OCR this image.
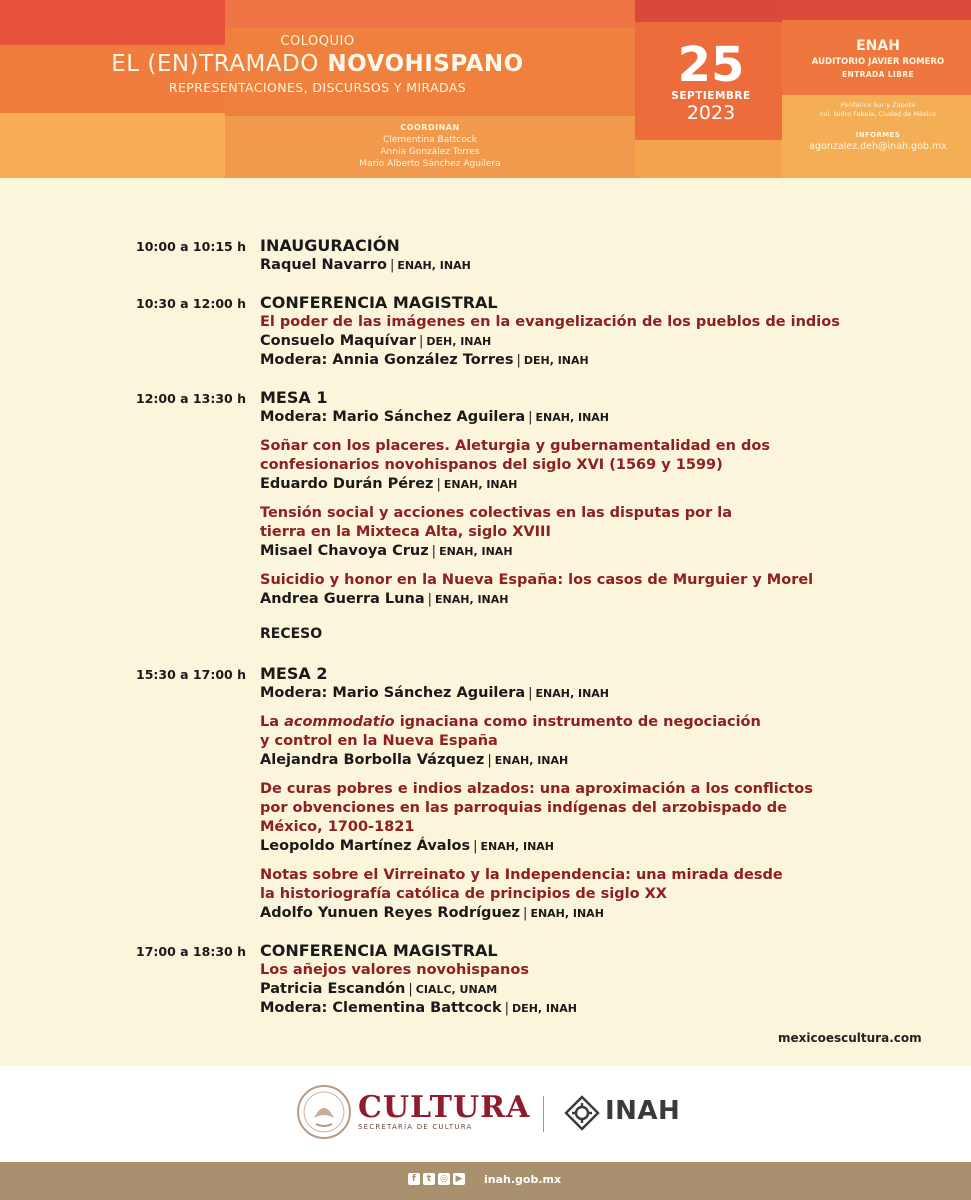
COLOQUIO
EL (EN)TRAMADO NOVOHISPANO
REPRESENTACIONES, DISCURSOS Y MIRADAS
COORDINAN
Clementina Battcock
Annia González Torres
Mario Alberto Sánchez Aguilera
25
SEPTIEMBRE
2023
ENAH
AUDITORIO JAVIER ROMERO
ENTRADA LIBRE
Periférico Sur y Zapote
col. Isidro Fabela, Ciudad de México
INFORMES
agonzalez.deh@inah.gob.mx
10:00 a 10:15 h INAUGURACIÓN
Raquel Navarro | ENAH, INAH
10:30 a 12:00 h CONFERENCIA MAGISTRAL
El poder de las imágenes en la evangelización de los pueblos de indios
Consuelo Maquívar | DEH, INAH
Modera: Annia González Torres | DEH, INAH
12:00 a 13:30 h MESA 1
Modera: Mario Sánchez Aguilera | ENAH, INAH
Soñar con los placeres. Aleturgia y gubernamentalidad en dos
confesionarios novohispanos del siglo XVI (1569 y 1599)
Eduardo Durán Pérez | ENAH, INAH
Tensión social y acciones colectivas en las disputas por la
tierra en la Mixteca Alta, siglo XVIII
Misael Chavoya Cruz | ENAH, INAH
Suicidio y honor en la Nueva España: los casos de Murguier y Morel
Andrea Guerra Luna | ENAH, INAH
RECESO
15:30 a 17:00 h MESA 2
Modera: Mario Sánchez Aguilera | ENAH, INAH
La acommodatio ignaciana como instrumento de negociación
y control en la Nueva España
Alejandra Borbolla Vázquez | ENAH, INAH
De curas pobres e indios alzados: una aproximación a los conflictos
por obvenciones en las parroquias indígenas del arzobispado de
México, 1700-1821
Leopoldo Martínez Ávalos | ENAH, INAH
Notas sobre el Virreinato y la Independencia: una mirada desde
la historiografía católica de principios de siglo XX
Adolfo Yunuen Reyes Rodríguez | ENAH, INAH
17:00 a 18:30 h CONFERENCIA MAGISTRAL
Los añejos valores novohispanos
Patricia Escandón | CIALC, UNAM
Modera: Clementina Battcock | DEH, INAH
mexicoescultura.com
CULTURA
SECRETARÍA DE CULTURA
INAH
f	t ◎ ▶ inah.gob.mx
